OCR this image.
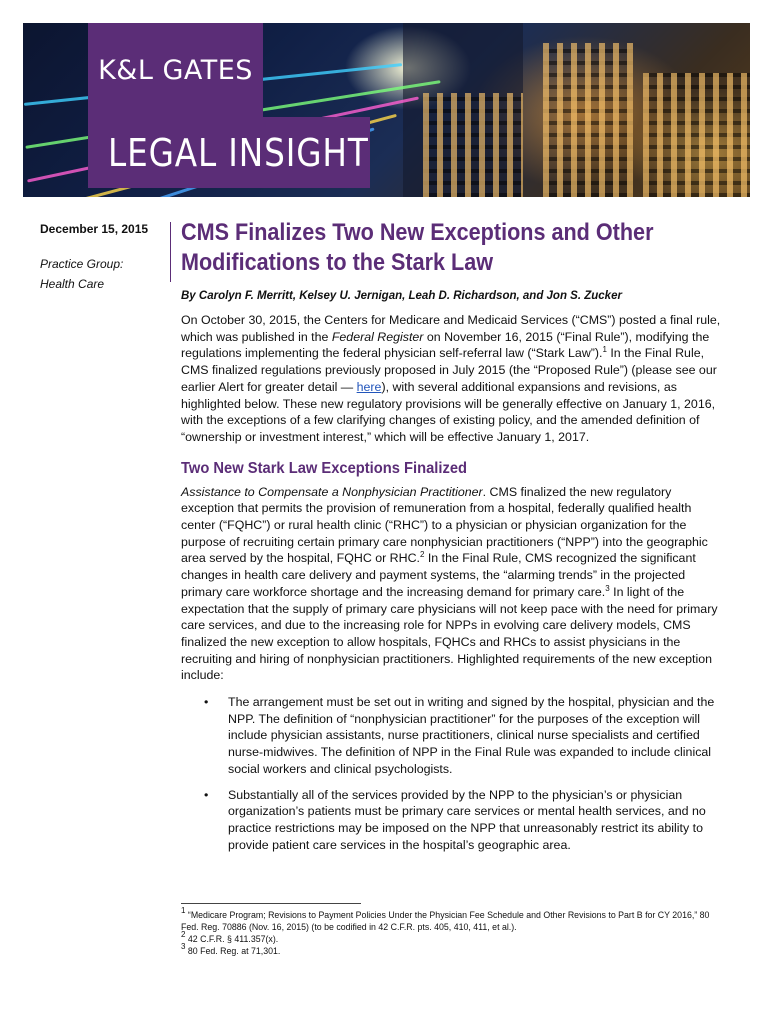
K&L GATES
LEGAL INSIGHT

December 15, 2015

Practice Group:

Health Care

CMS Finalizes Two New Exceptions and Other Modifications to the Stark Law

By Carolyn F. Merritt, Kelsey U. Jernigan, Leah D. Richardson, and Jon S. Zucker

On October 30, 2015, the Centers for Medicare and Medicaid Services (“CMS”) posted a final rule, which was published in the Federal Register on November 16, 2015 (“Final Rule”), modifying the regulations implementing the federal physician self-referral law (“Stark Law”).$^1$ In the Final Rule, CMS finalized regulations previously proposed in July 2015 (the “Proposed Rule”) (please see our earlier Alert for greater detail — here), with several additional expansions and revisions, as highlighted below. These new regulatory provisions will be generally effective on January 1, 2016, with the exceptions of a few clarifying changes of existing policy, and the amended definition of “ownership or investment interest,” which will be effective January 1, 2017.

Two New Stark Law Exceptions Finalized

Assistance to Compensate a Nonphysician Practitioner. CMS finalized the new regulatory exception that permits the provision of remuneration from a hospital, federally qualified health center (“FQHC”) or rural health clinic (“RHC”) to a physician or physician organization for the purpose of recruiting certain primary care nonphysician practitioners (“NPP”) into the geographic area served by the hospital, FQHC or RHC.$^2$ In the Final Rule, CMS recognized the significant changes in health care delivery and payment systems, the “alarming trends” in the projected primary care workforce shortage and the increasing demand for primary care.$^3$ In light of the expectation that the supply of primary care physicians will not keep pace with the need for primary care services, and due to the increasing role for NPPs in evolving care delivery models, CMS finalized the new exception to allow hospitals, FQHCs and RHCs to assist physicians in the recruiting and hiring of nonphysician practitioners. Highlighted requirements of the new exception include:

• The arrangement must be set out in writing and signed by the hospital, physician and the NPP. The definition of “nonphysician practitioner” for the purposes of the exception will include physician assistants, nurse practitioners, clinical nurse specialists and certified nurse-midwives. The definition of NPP in the Final Rule was expanded to include clinical social workers and clinical psychologists.
• Substantially all of the services provided by the NPP to the physician’s or physician organization’s patients must be primary care services or mental health services, and no practice restrictions may be imposed on the NPP that unreasonably restrict its ability to provide patient care services in the hospital’s geographic area.

$^1$ “Medicare Program; Revisions to Payment Policies Under the Physician Fee Schedule and Other Revisions to Part B for CY 2016,” 80 Fed. Reg. 70886 (Nov. 16, 2015) (to be codified in 42 C.F.R. pts. 405, 410, 411, et al.).

$^2$ 42 C.F.R. § 411.357(x).

$^3$ 80 Fed. Reg. at 71,301.
